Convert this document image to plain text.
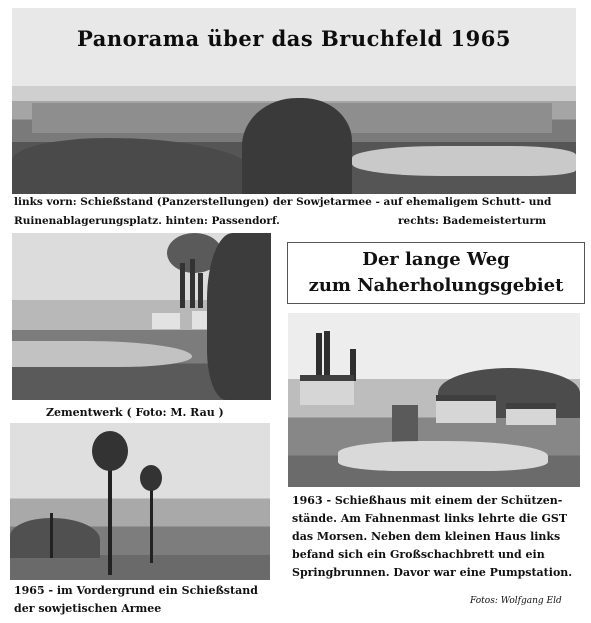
Panorama über das Bruchfeld 1965
links vorn: Schießstand (Panzerstellungen) der Sowjetarmee - auf ehemaligem Schutt- und
Ruinenablagerungsplatz. hinten: Passendorf.	rechts: Bademeisterturm
Zementwerk ( Foto: M. Rau )
Der lange Weg
zum Naherholungsgebiet
1963 - Schießhaus mit einem der Schützen-
stände. Am Fahnenmast links lehrte die GST
das Morsen. Neben dem kleinen Haus links
befand sich ein Großschachbrett und ein
Springbrunnen. Davor war eine Pumpstation.
1965 - im Vordergrund ein Schießstand
der sowjetischen Armee
Fotos: Wolfgang Eld
